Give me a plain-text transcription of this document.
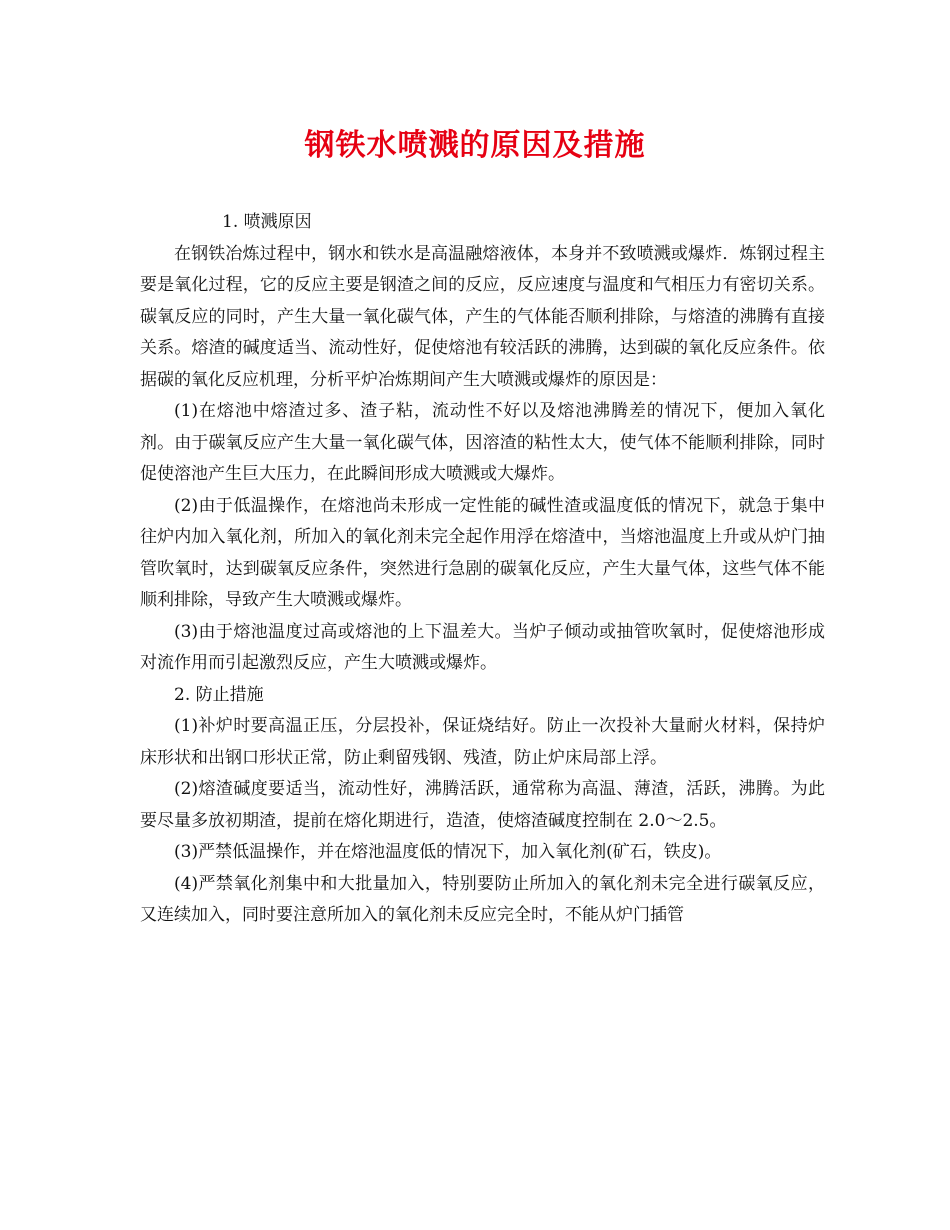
钢铁水喷溅的原因及措施

1. 喷溅原因

在钢铁冶炼过程中，钢水和铁水是高温融熔液体，本身并不致喷溅或爆炸．炼钢过程主要是氧化过程，它的反应主要是钢渣之间的反应，反应速度与温度和气相压力有密切关系。碳氧反应的同时，产生大量一氧化碳气体，产生的气体能否顺利排除，与熔渣的沸腾有直接关系。熔渣的碱度适当、流动性好，促使熔池有较活跃的沸腾，达到碳的氧化反应条件。依据碳的氧化反应机理，分析平炉冶炼期间产生大喷溅或爆炸的原因是：

(1)在熔池中熔渣过多、渣子粘，流动性不好以及熔池沸腾差的情况下，便加入氧化剂。由于碳氧反应产生大量一氧化碳气体，因溶渣的粘性太大，使气体不能顺利排除，同时促使溶池产生巨大压力，在此瞬间形成大喷溅或大爆炸。

(2)由于低温操作，在熔池尚未形成一定性能的碱性渣或温度低的情况下，就急于集中往炉内加入氧化剂，所加入的氧化剂未完全起作用浮在熔渣中，当熔池温度上升或从炉门抽管吹氧时，达到碳氧反应条件，突然进行急剧的碳氧化反应，产生大量气体，这些气体不能顺利排除，导致产生大喷溅或爆炸。

(3)由于熔池温度过高或熔池的上下温差大。当炉子倾动或抽管吹氧时，促使熔池形成对流作用而引起激烈反应，产生大喷溅或爆炸。

2. 防止措施

(1)补炉时要高温正压，分层投补，保证烧结好。防止一次投补大量耐火材料，保持炉床形状和出钢口形状正常，防止剩留残钢、残渣，防止炉床局部上浮。

(2)熔渣碱度要适当，流动性好，沸腾活跃，通常称为高温、薄渣，活跃，沸腾。为此要尽量多放初期渣，提前在熔化期进行，造渣，使熔渣碱度控制在 2.0～2.5。

(3)严禁低温操作，并在熔池温度低的情况下，加入氧化剂(矿石，铁皮)。

(4)严禁氧化剂集中和大批量加入，特别要防止所加入的氧化剂未完全进行碳氧反应，又连续加入，同时要注意所加入的氧化剂未反应完全时，不能从炉门插管
